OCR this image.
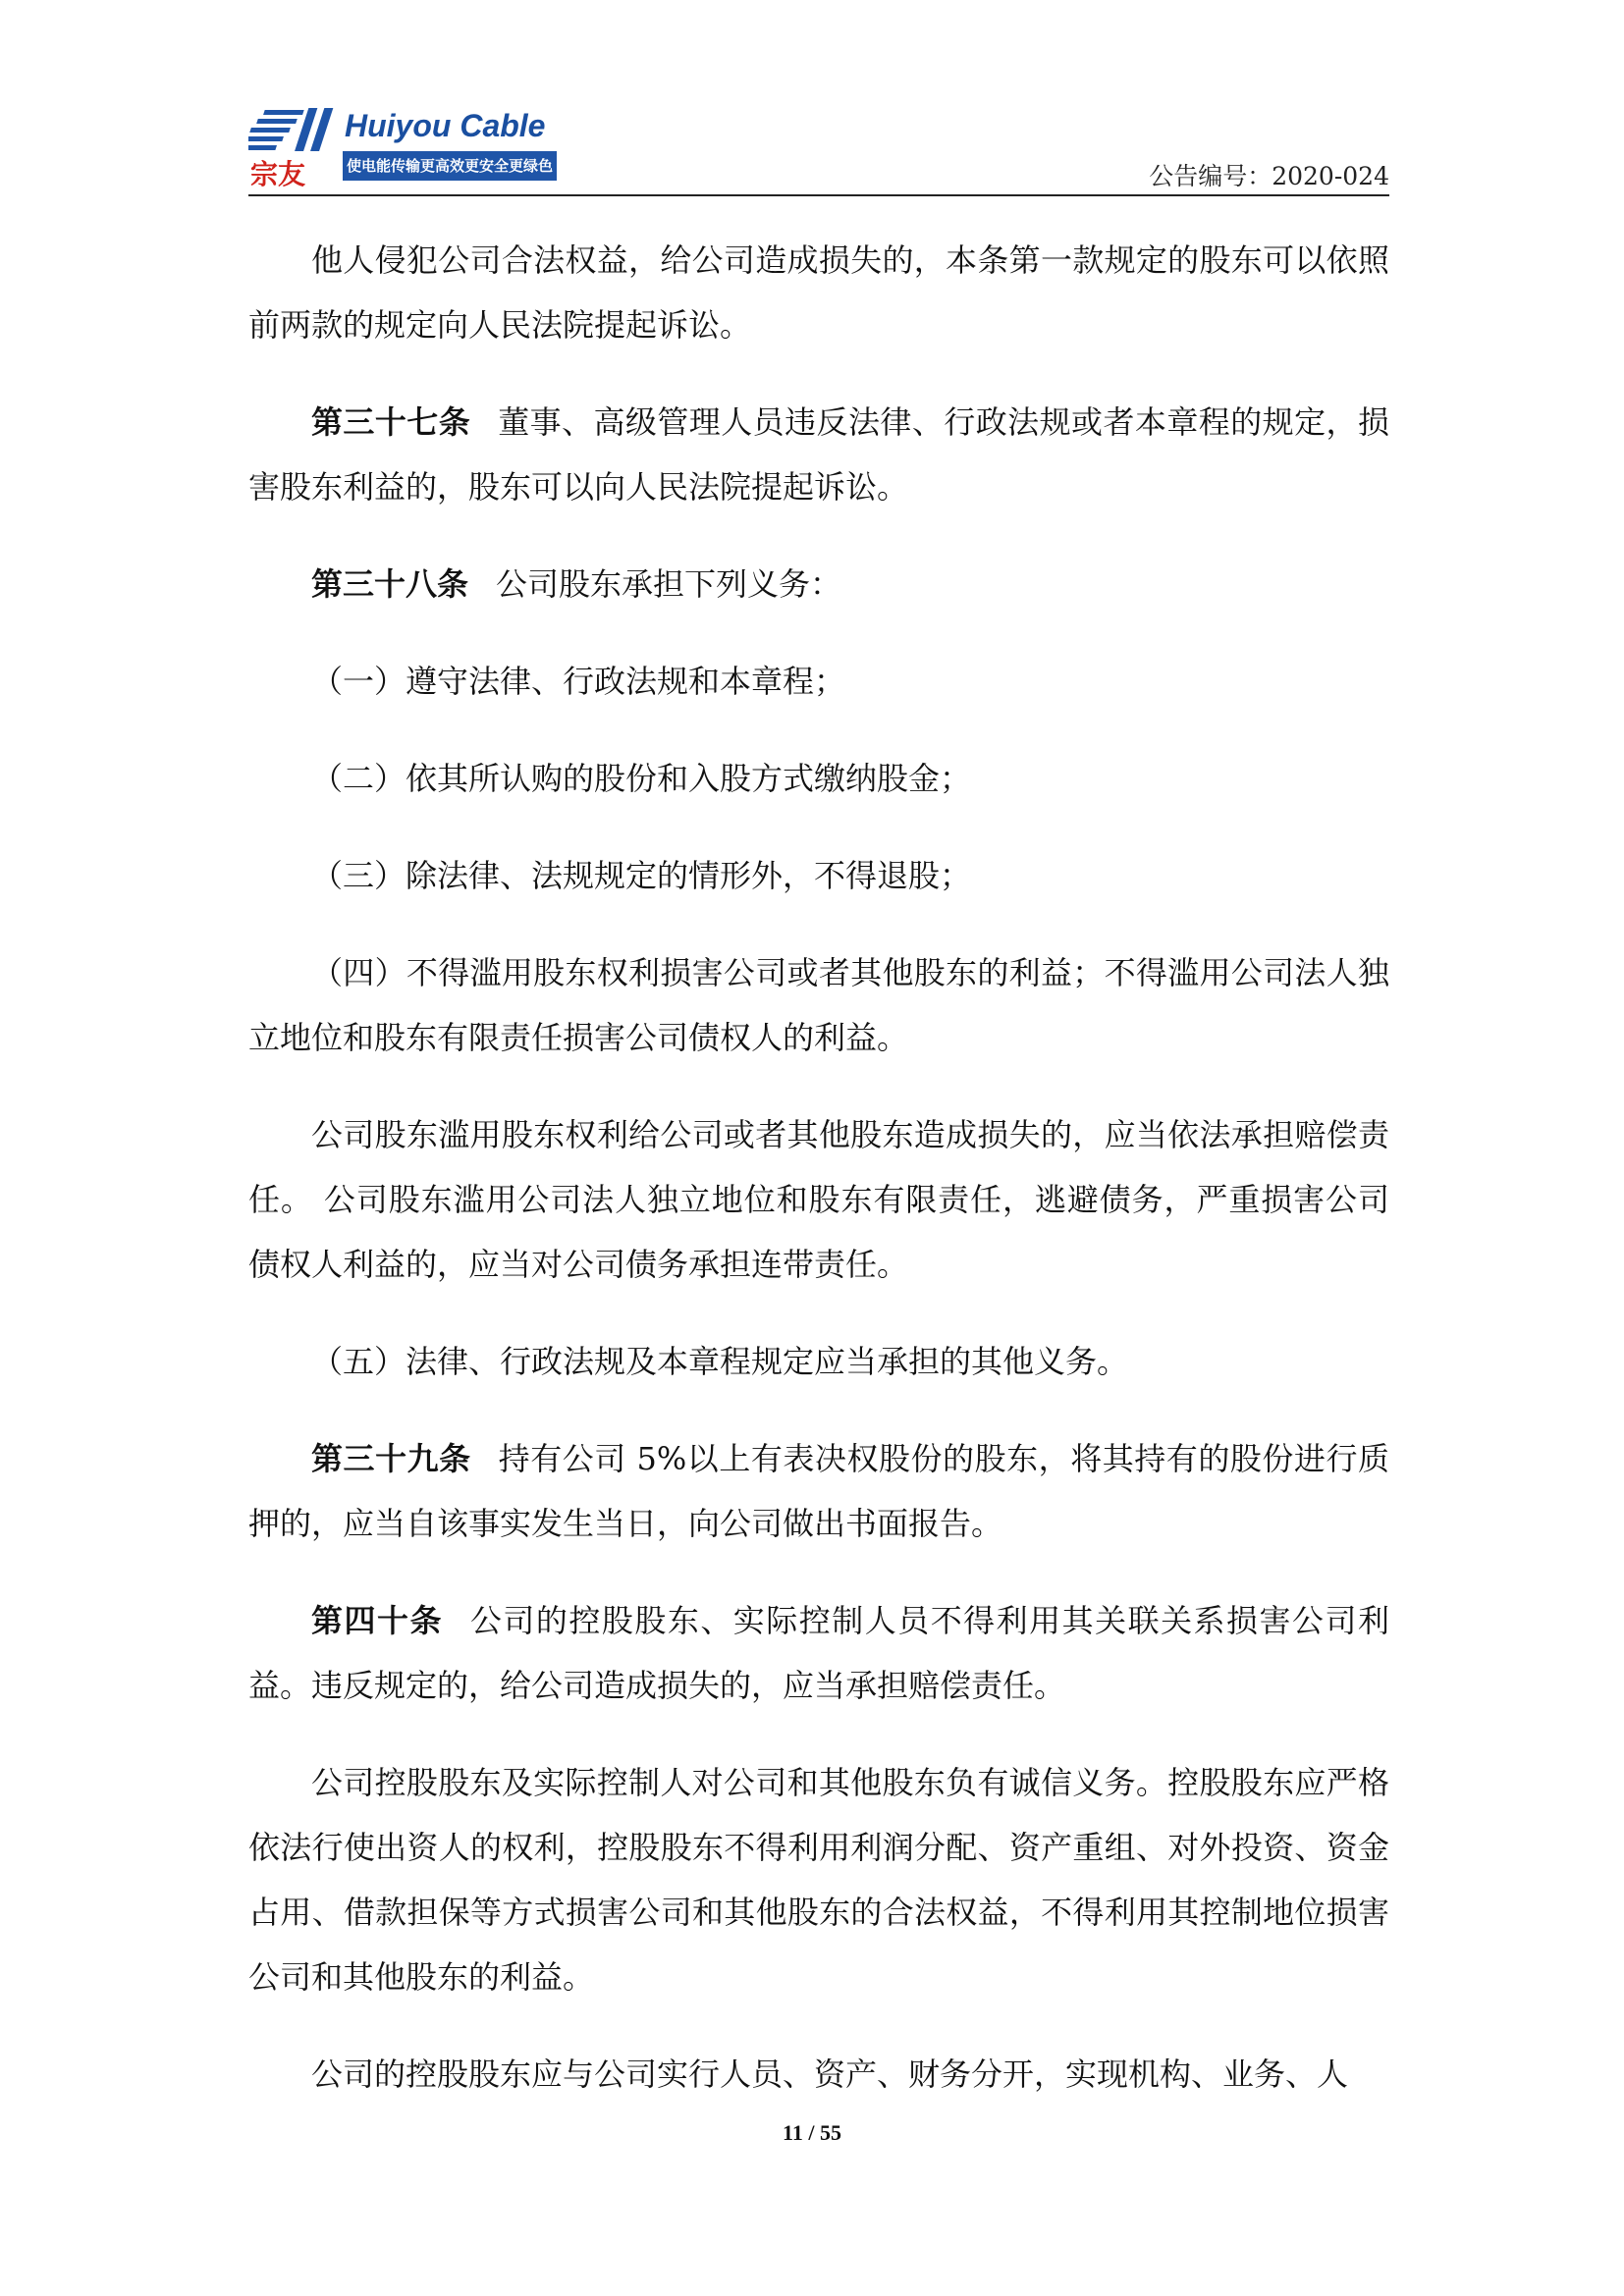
Huiyou Cable
宗友	使电能传输更高效更安全更绿色	公告编号：2020-024

他人侵犯公司合法权益，给公司造成损失的，本条第一款规定的股东可以依照前两款的规定向人民法院提起诉讼。

第三十七条 董事、高级管理人员违反法律、行政法规或者本章程的规定，损害股东利益的，股东可以向人民法院提起诉讼。

第三十八条 公司股东承担下列义务：

（一）遵守法律、行政法规和本章程；

（二）依其所认购的股份和入股方式缴纳股金；

（三）除法律、法规规定的情形外，不得退股；

（四）不得滥用股东权利损害公司或者其他股东的利益；不得滥用公司法人独立地位和股东有限责任损害公司债权人的利益。

公司股东滥用股东权利给公司或者其他股东造成损失的，应当依法承担赔偿责任。 公司股东滥用公司法人独立地位和股东有限责任，逃避债务，严重损害公司债权人利益的，应当对公司债务承担连带责任。

（五）法律、行政法规及本章程规定应当承担的其他义务。

第三十九条 持有公司 5%以上有表决权股份的股东，将其持有的股份进行质押的，应当自该事实发生当日，向公司做出书面报告。

第四十条 公司的控股股东、实际控制人员不得利用其关联关系损害公司利益。违反规定的，给公司造成损失的，应当承担赔偿责任。

公司控股股东及实际控制人对公司和其他股东负有诚信义务。控股股东应严格依法行使出资人的权利，控股股东不得利用利润分配、资产重组、对外投资、资金占用、借款担保等方式损害公司和其他股东的合法权益，不得利用其控制地位损害公司和其他股东的利益。

公司的控股股东应与公司实行人员、资产、财务分开，实现机构、业务、人

11 / 55
